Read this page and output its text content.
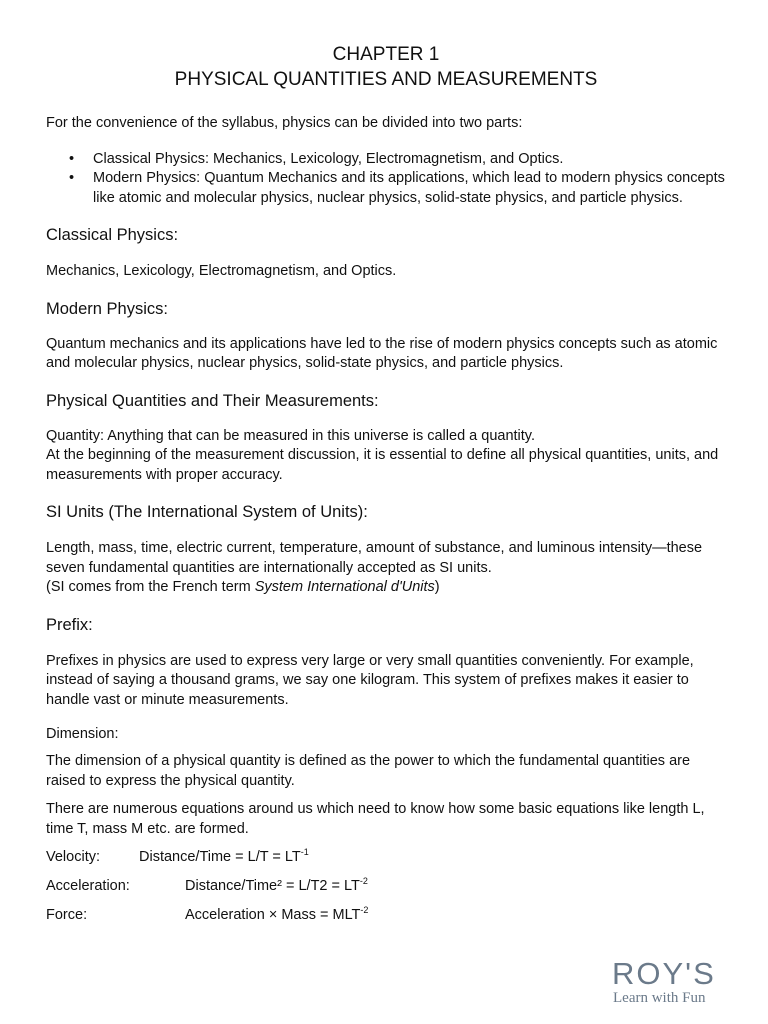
CHAPTER 1
PHYSICAL QUANTITIES AND MEASUREMENTS

For the convenience of the syllabus, physics can be divided into two parts:

• Classical Physics: Mechanics, Lexicology, Electromagnetism, and Optics.
• Modern Physics: Quantum Mechanics and its applications, which lead to modern physics concepts like atomic and molecular physics, nuclear physics, solid-state physics, and particle physics.
Classical Physics:

Mechanics, Lexicology, Electromagnetism, and Optics.

Modern Physics:

Quantum mechanics and its applications have led to the rise of modern physics concepts such as atomic and molecular physics, nuclear physics, solid-state physics, and particle physics.

Physical Quantities and Their Measurements:

Quantity: Anything that can be measured in this universe is called a quantity.

At the beginning of the measurement discussion, it is essential to define all physical quantities, units, and measurements with proper accuracy.

SI Units (The International System of Units):

Length, mass, time, electric current, temperature, amount of substance, and luminous intensity—these seven fundamental quantities are internationally accepted as SI units.

(SI comes from the French term System International d'Units)

Prefix:

Prefixes in physics are used to express very large or very small quantities conveniently. For example, instead of saying a thousand grams, we say one kilogram. This system of prefixes makes it easier to handle vast or minute measurements.

Dimension:

The dimension of a physical quantity is defined as the power to which the fundamental quantities are raised to express the physical quantity.

There are numerous equations around us which need to know how some basic equations like length L, time T, mass M etc. are formed.

Velocity:	Distance/Time = $L/T = LT^{-1}$
Acceleration:	Distance/Time² = $L/T2 = LT^{-2}$
Force:	Acceleration × Mass = $MLT^{-2}$
ROY'S
Learn with Fun
